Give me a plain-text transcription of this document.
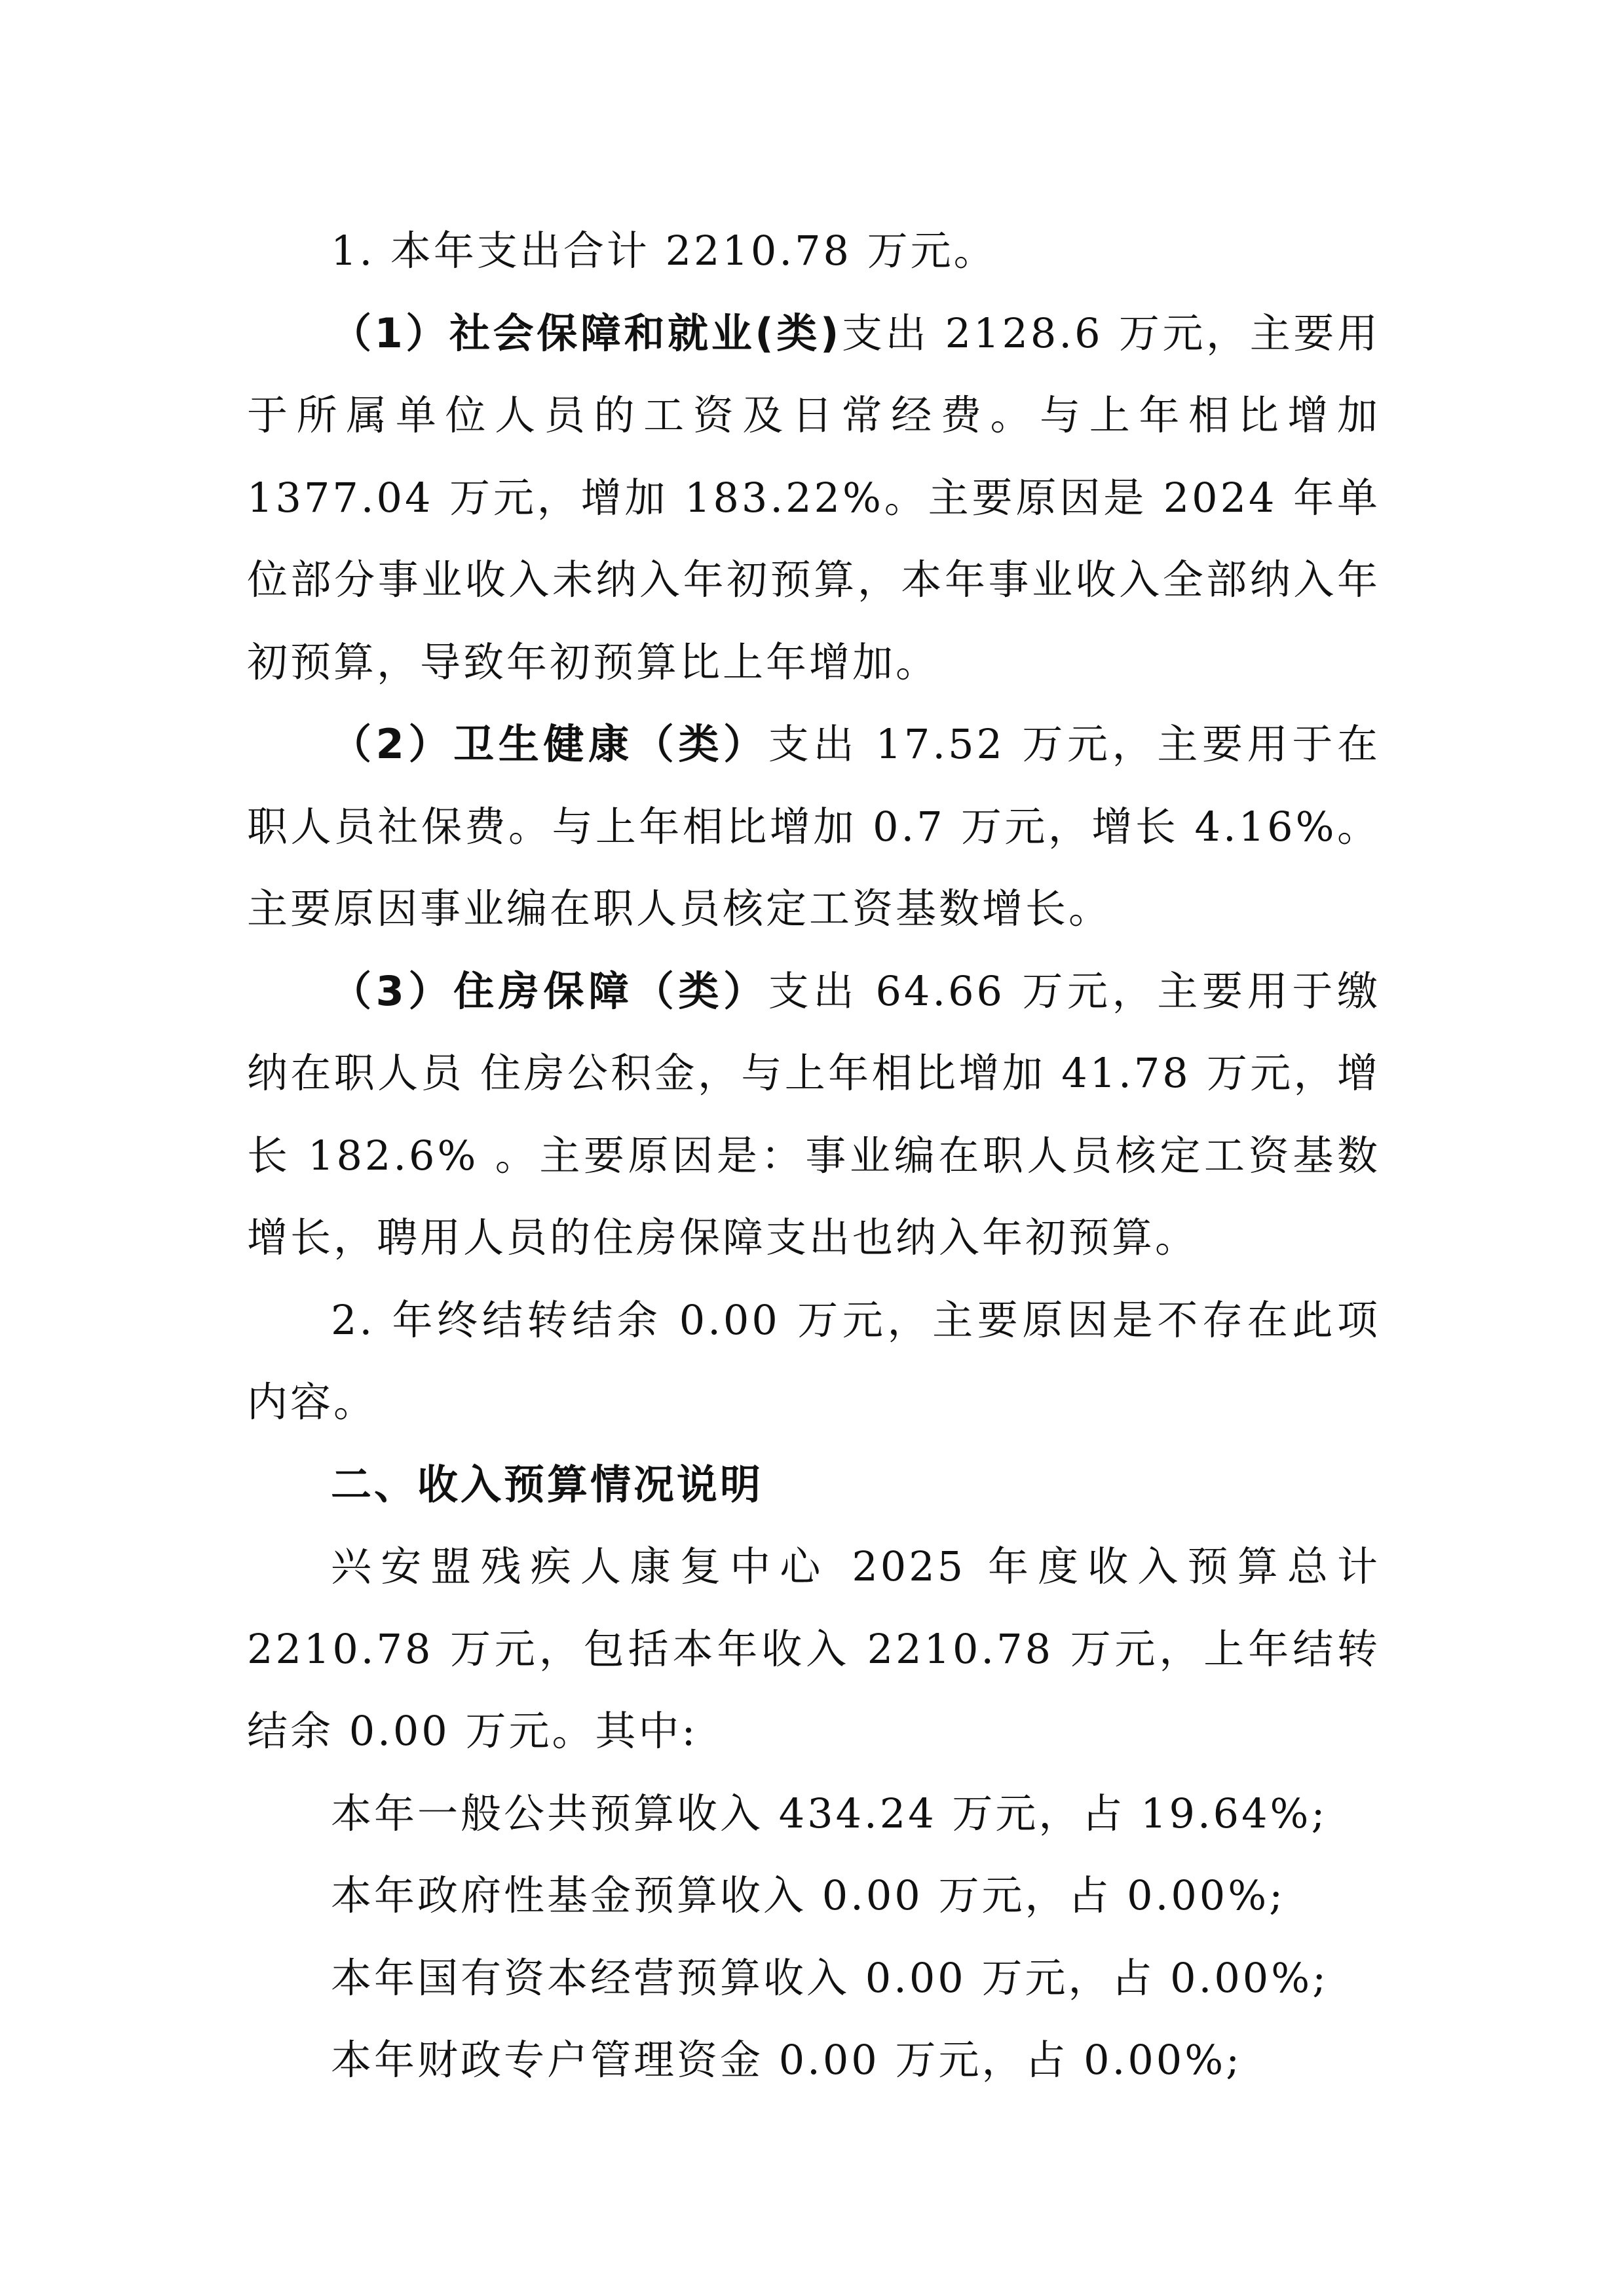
1. 本年支出合计 2210.78 万元。

（1）社会保障和就业(类)支出 2128.6 万元，主要用于所属单位人员的工资及日常经费。与上年相比增加 1377.04 万元，增加 183.22%。主要原因是 2024 年单位部分事业收入未纳入年初预算，本年事业收入全部纳入年初预算，导致年初预算比上年增加。

（2）卫生健康（类）支出 17.52 万元，主要用于在职人员社保费。与上年相比增加 0.7 万元，增长 4.16%。主要原因事业编在职人员核定工资基数增长。

（3）住房保障（类）支出 64.66 万元，主要用于缴纳在职人员 住房公积金，与上年相比增加 41.78 万元，增长 182.6% 。主要原因是：事业编在职人员核定工资基数增长，聘用人员的住房保障支出也纳入年初预算。

2. 年终结转结余 0.00 万元，主要原因是不存在此项内容。

二、收入预算情况说明

兴安盟残疾人康复中心 2025 年度收入预算总计 2210.78 万元，包括本年收入 2210.78 万元，上年结转结余 0.00 万元。其中:

本年一般公共预算收入 434.24 万元，占 19.64%;

本年政府性基金预算收入 0.00 万元，占 0.00%;

本年国有资本经营预算收入 0.00 万元，占 0.00%;

本年财政专户管理资金 0.00 万元，占 0.00%;
